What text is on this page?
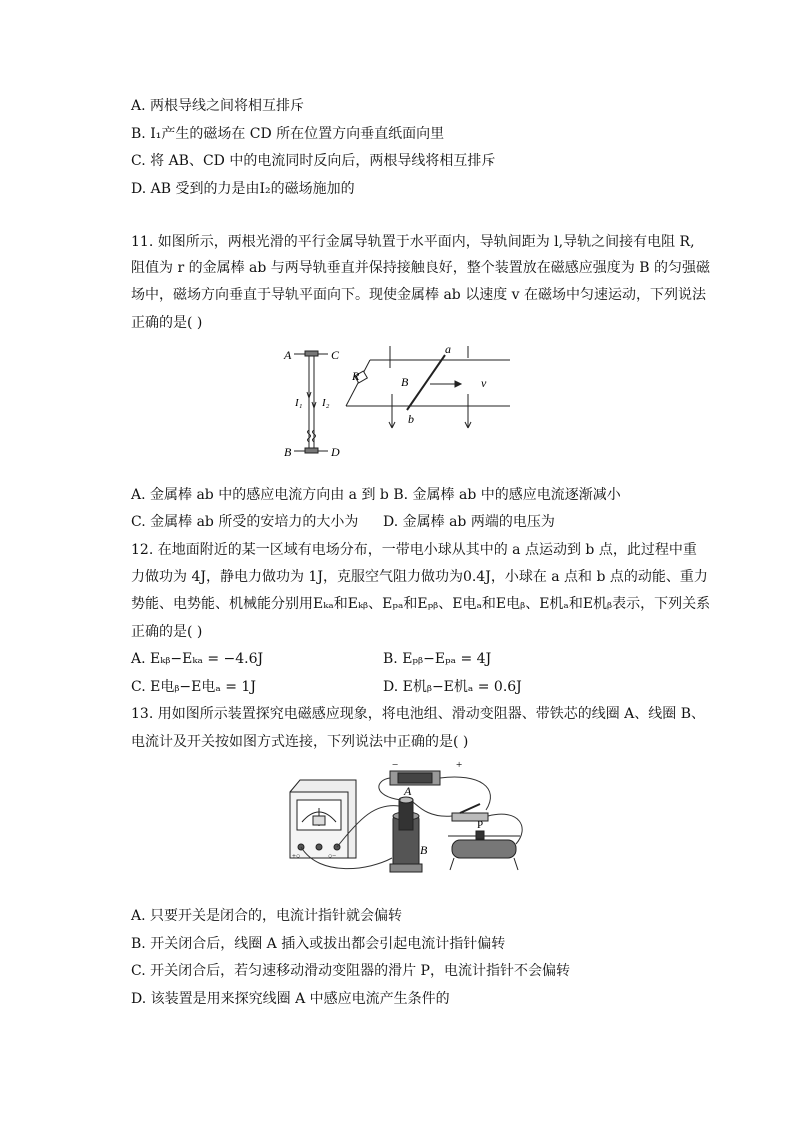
A. 两根导线之间将相互排斥
B. I₁产生的磁场在 CD 所在位置方向垂直纸面向里
C. 将 AB、CD 中的电流同时反向后，两根导线将相互排斥
D. AB 受到的力是由I₂的磁场施加的
11. 如图所示，两根光滑的平行金属导轨置于水平面内，导轨间距为 l,导轨之间接有电阻 R,
阻值为 r 的金属棒 ab 与两导轨垂直并保持接触良好，整个装置放在磁感应强度为 B 的匀强磁
场中，磁场方向垂直于导轨平面向下。现使金属棒 ab 以速度 v 在磁场中匀速运动，下列说法
正确的是( )
A	C
B	D
I₁ I₂
R	B
a
b
v
A. 金属棒 ab 中的感应电流方向由 a 到 b B. 金属棒 ab 中的感应电流逐渐减小
C. 金属棒 ab 所受的安培力的大小为 D. 金属棒 ab 两端的电压为
12. 在地面附近的某一区域有电场分布，一带电小球从其中的 a 点运动到 b 点，此过程中重
力做功为 4J，静电力做功为 1J，克服空气阻力做功为0.4J，小球在 a 点和 b 点的动能、重力
势能、电势能、机械能分别用Eₖₐ和Eₖᵦ、Eₚₐ和Eₚᵦ、E电ₐ和E电ᵦ、E机ₐ和E机ᵦ表示，下列关系
正确的是( )
A. Eₖᵦ−Eₖₐ = −4.6J	B. Eₚᵦ−Eₚₐ = 4J
C. E电ᵦ−E电ₐ = 1J	D. E机ᵦ−E机ₐ = 0.6J
13. 用如图所示装置探究电磁感应现象，将电池组、滑动变阻器、带铁芯的线圈 A、线圈 B、
电流计及开关按如图方式连接，下列说法中正确的是( )
A
B
P
−	+
+○	○−
A. 只要开关是闭合的，电流计指针就会偏转
B. 开关闭合后，线圈 A 插入或拔出都会引起电流计指针偏转
C. 开关闭合后，若匀速移动滑动变阻器的滑片 P，电流计指针不会偏转
D. 该装置是用来探究线圈 A 中感应电流产生条件的
